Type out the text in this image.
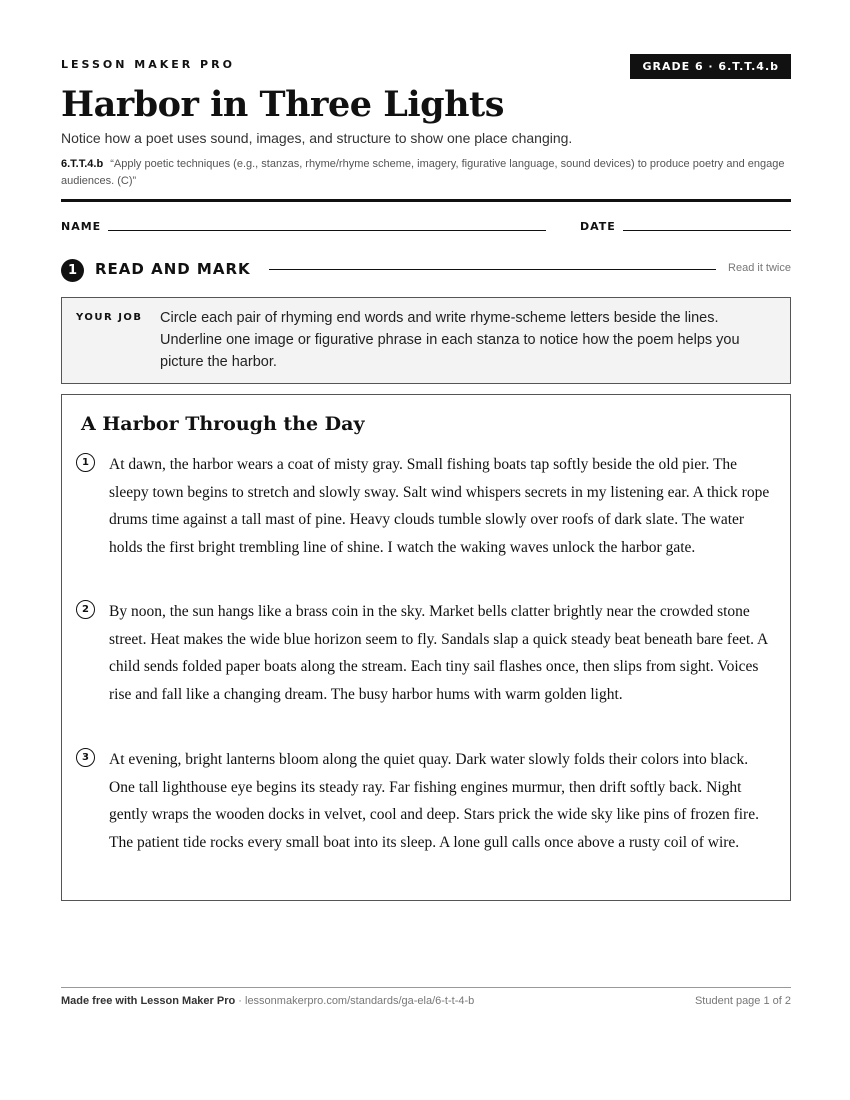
LESSON MAKER PRO	GRADE 6 · 6.T.T.4.b
Harbor in Three Lights
Notice how a poet uses sound, images, and structure to show one place changing.
6.T.T.4.b “Apply poetic techniques (e.g., stanzas, rhyme/rhyme scheme, imagery, figurative language, sound devices) to produce poetry and engage audiences. (C)”
NAME	DATE
1	READ AND MARK	Read it twice
YOUR JOB Circle each pair of rhyming end words and write rhyme-scheme letters beside the lines. Underline one image or figurative phrase in each stanza to notice how the poem helps you picture the harbor.
A Harbor Through the Day
1	At dawn, the harbor wears a coat of misty gray. Small fishing boats tap softly beside the old pier. The sleepy town begins to stretch and slowly sway. Salt wind whispers secrets in my listening ear. A thick rope drums time against a tall mast of pine. Heavy clouds tumble slowly over roofs of dark slate. The water holds the first bright trembling line of shine. I watch the waking waves unlock the harbor gate.
2	By noon, the sun hangs like a brass coin in the sky. Market bells clatter brightly near the crowded stone street. Heat makes the wide blue horizon seem to fly. Sandals slap a quick steady beat beneath bare feet. A child sends folded paper boats along the stream. Each tiny sail flashes once, then slips from sight. Voices rise and fall like a changing dream. The busy harbor hums with warm golden light.
3	At evening, bright lanterns bloom along the quiet quay. Dark water slowly folds their colors into black. One tall lighthouse eye begins its steady ray. Far fishing engines murmur, then drift softly back. Night gently wraps the wooden docks in velvet, cool and deep. Stars prick the wide sky like pins of frozen fire. The patient tide rocks every small boat into its sleep. A lone gull calls once above a rusty coil of wire.
Made free with Lesson Maker Pro · lessonmakerpro.com/standards/ga-ela/6-t-t-4-b	Student page 1 of 2
